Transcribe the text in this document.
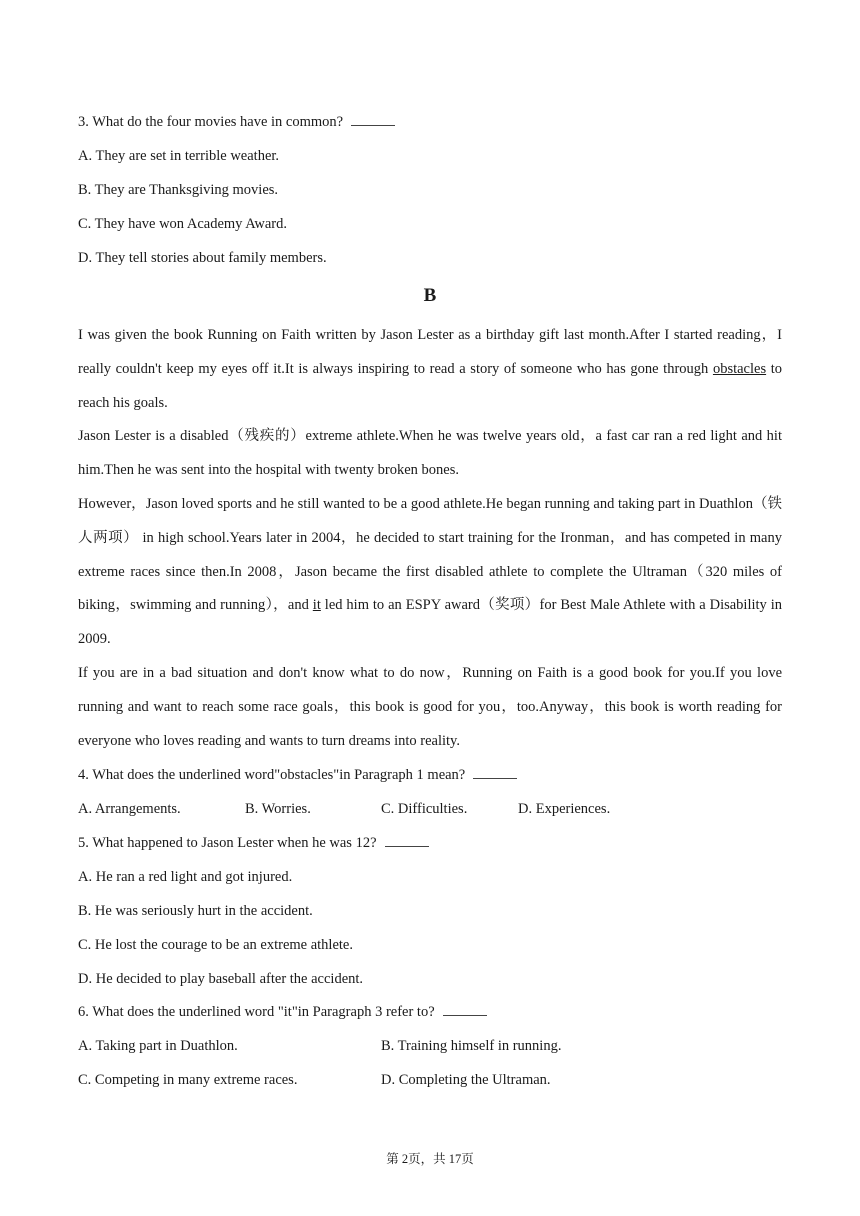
3. What do the four movies have in common?
A. They are set in terrible weather.
B. They are Thanksgiving movies.
C. They have won Academy Award.
D. They tell stories about family members.
B
I was given the book Running on Faith written by Jason Lester as a birthday gift last month.After I started reading，I really couldn't keep my eyes off it.It is always inspiring to read a story of someone who has gone through obstacles to reach his goals.
Jason Lester is a disabled（残疾的）extreme athlete.When he was twelve years old，a fast car ran a red light and hit him.Then he was sent into the hospital with twenty broken bones.
However，Jason loved sports and he still wanted to be a good athlete.He began running and taking part in Duathlon（铁人两项） in high school.Years later in 2004，he decided to start training for the Ironman，and has competed in many extreme races since then.In 2008，Jason became the first disabled athlete to complete the Ultraman（320 miles of biking，swimming and running），and it led him to an ESPY award（奖项）for Best Male Athlete with a Disability in 2009.
If you are in a bad situation and don't know what to do now，Running on Faith is a good book for you.If you love running and want to reach some race goals，this book is good for you，too.Anyway，this book is worth reading for everyone who loves reading and wants to turn dreams into reality.
4. What does the underlined word"obstacles"in Paragraph 1 mean?
A. Arrangements.	B. Worries.	C. Difficulties.	D. Experiences.
5. What happened to Jason Lester when he was 12?
A. He ran a red light and got injured.
B. He was seriously hurt in the accident.
C. He lost the courage to be an extreme athlete.
D. He decided to play baseball after the accident.
6. What does the underlined word "it"in Paragraph 3 refer to?
A. Taking part in Duathlon.	B. Training himself in running.
C. Competing in many extreme races.	D. Completing the Ultraman.
第 2页，共 17页
